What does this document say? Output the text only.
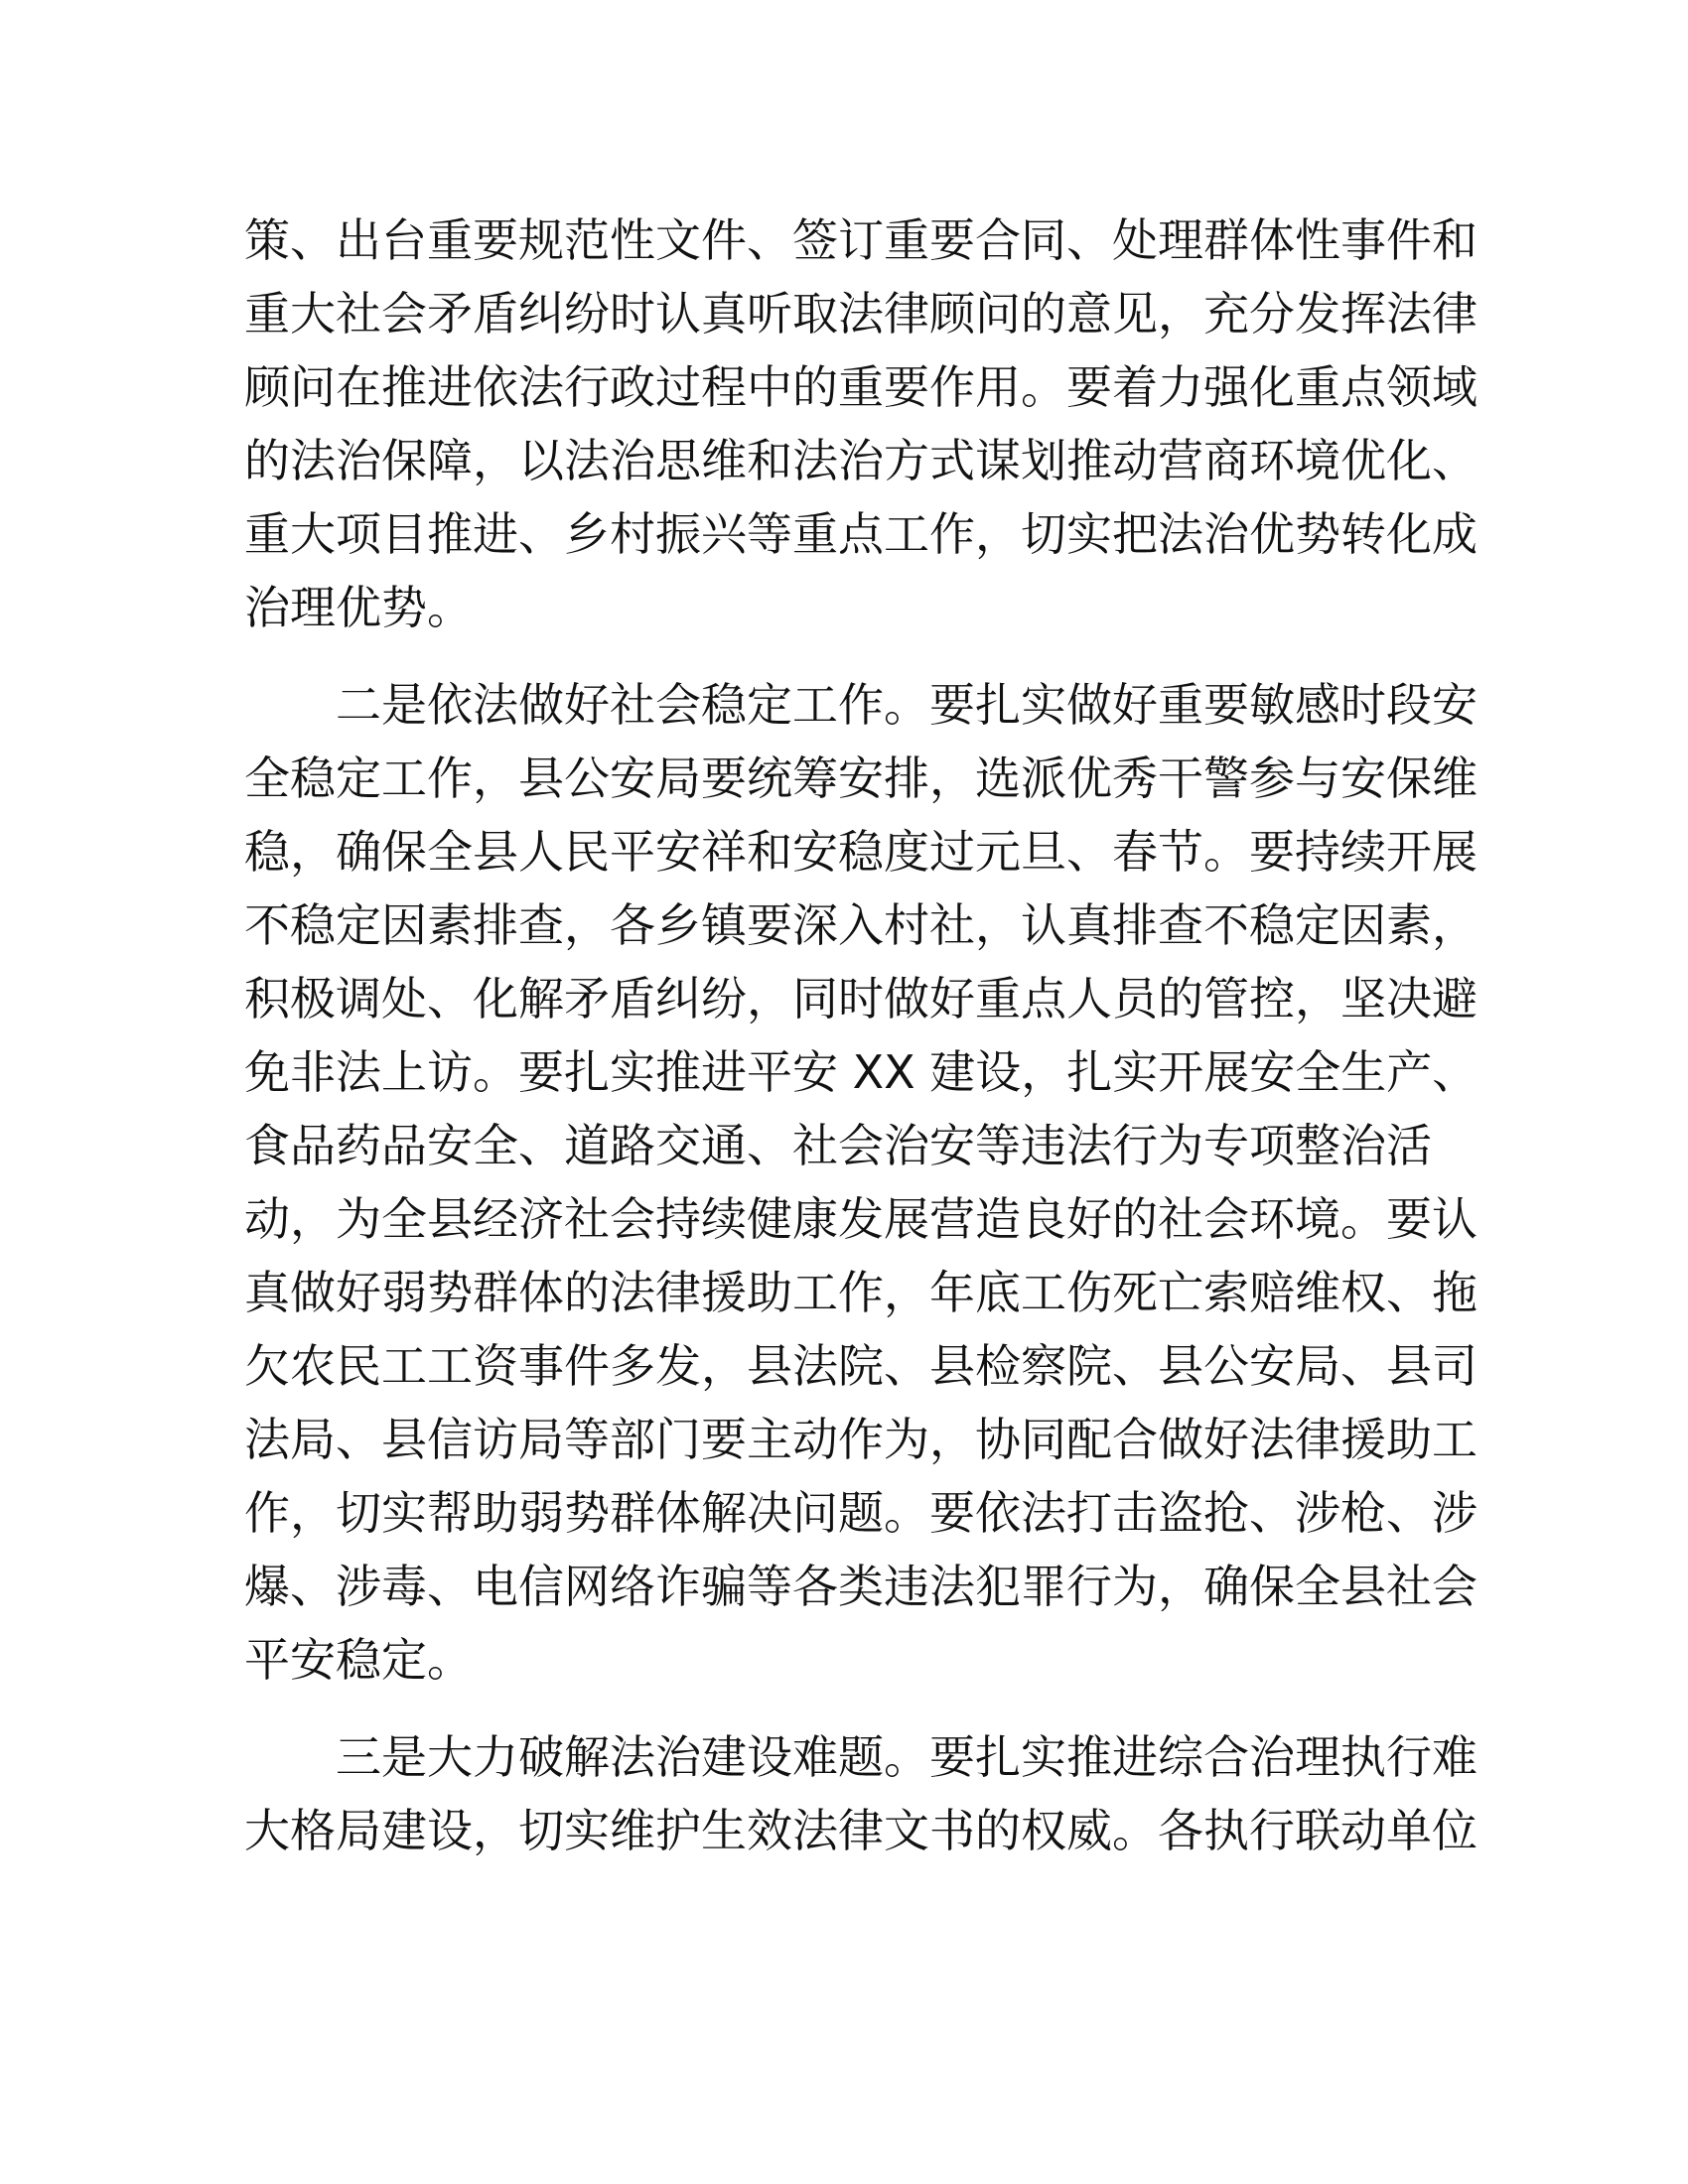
策、出台重要规范性文件、签订重要合同、处理群体性事件和
重大社会矛盾纠纷时认真听取法律顾问的意见，充分发挥法律
顾问在推进依法行政过程中的重要作用。要着力强化重点领域
的法治保障，以法治思维和法治方式谋划推动营商环境优化、
重大项目推进、乡村振兴等重点工作，切实把法治优势转化成
治理优势。
二是依法做好社会稳定工作。要扎实做好重要敏感时段安
全稳定工作，县公安局要统筹安排，选派优秀干警参与安保维
稳，确保全县人民平安祥和安稳度过元旦、春节。要持续开展
不稳定因素排查，各乡镇要深入村社，认真排查不稳定因素，
积极调处、化解矛盾纠纷，同时做好重点人员的管控，坚决避
免非法上访。要扎实推进平安 XX 建设，扎实开展安全生产、
食品药品安全、道路交通、社会治安等违法行为专项整治活
动，为全县经济社会持续健康发展营造良好的社会环境。要认
真做好弱势群体的法律援助工作，年底工伤死亡索赔维权、拖
欠农民工工资事件多发，县法院、县检察院、县公安局、县司
法局、县信访局等部门要主动作为，协同配合做好法律援助工
作，切实帮助弱势群体解决问题。要依法打击盗抢、涉枪、涉
爆、涉毒、电信网络诈骗等各类违法犯罪行为，确保全县社会
平安稳定。
三是大力破解法治建设难题。要扎实推进综合治理执行难
大格局建设，切实维护生效法律文书的权威。各执行联动单位
